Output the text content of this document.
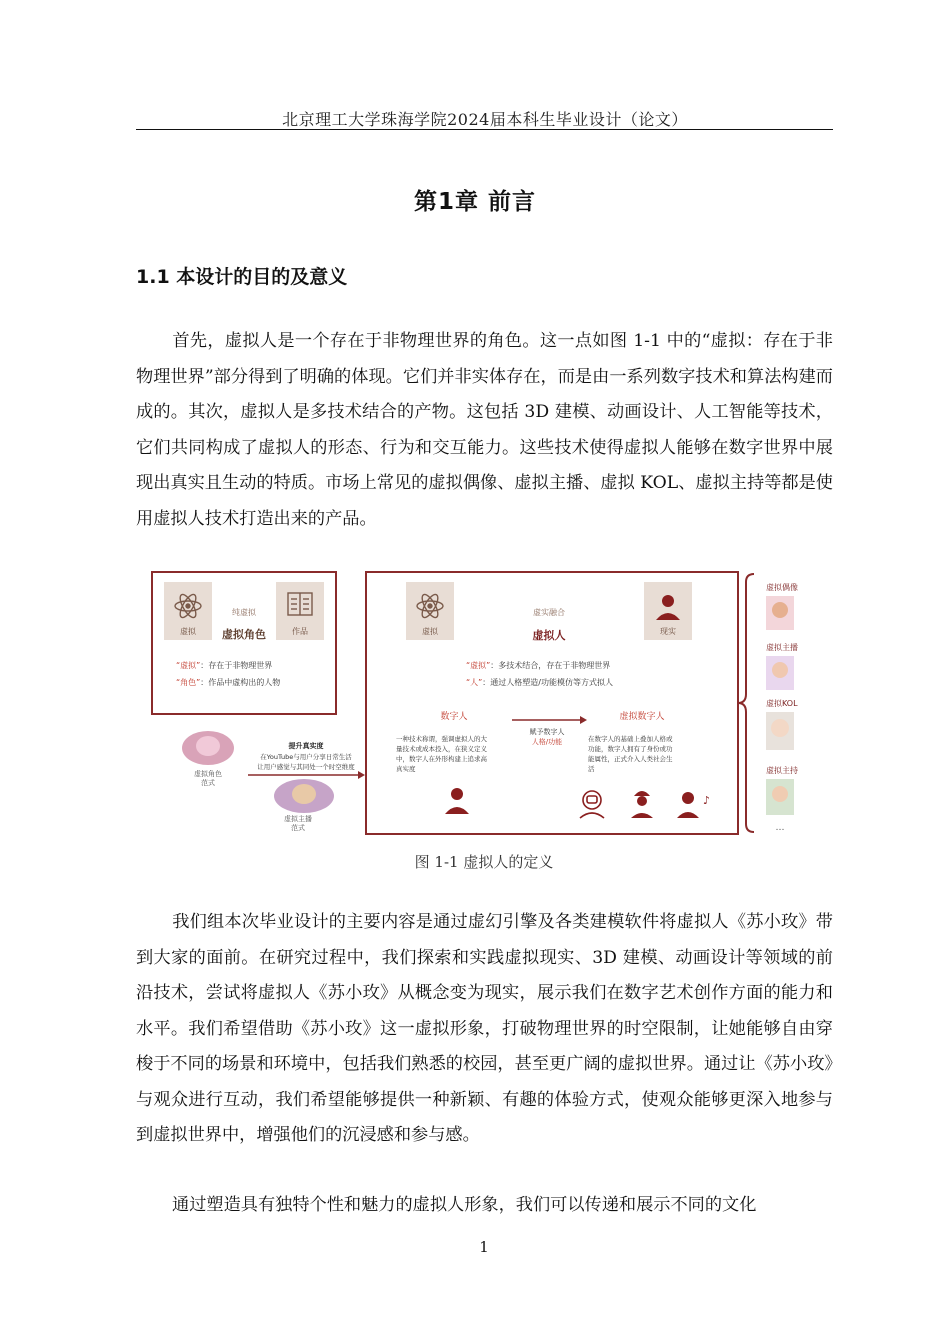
北京理工大学珠海学院2024届本科生毕业设计（论文）
第1章 前言
1.1 本设计的目的及意义
首先，虚拟人是一个存在于非物理世界的角色。这一点如图 1-1 中的“虚拟：存在于非物理世界”部分得到了明确的体现。它们并非实体存在，而是由一系列数字技术和算法构建而成的。其次，虚拟人是多技术结合的产物。这包括 3D 建模、动画设计、人工智能等技术，它们共同构成了虚拟人的形态、行为和交互能力。这些技术使得虚拟人能够在数字世界中展现出真实且生动的特质。市场上常见的虚拟偶像、虚拟主播、虚拟 KOL、虚拟主持等都是使用虚拟人技术打造出来的产品。
虚拟	作品
纯虚拟
虚拟角色
“虚拟”：存在于非物理世界
“角色”：作品中虚构出的人物
虚拟角色
范式
虚拟主播
范式
提升真实度
在YouTube与用户分享日常生活
让用户感觉与其同处一个时空维度
虚拟	现实
虚实融合
虚拟人
“虚拟”：多技术结合，存在于非物理世界
“人”：通过人格塑造/功能模仿等方式拟人
数字人
一种技术称谓，强调虚拟人的大
量技术或成本投入，在狭义定义
中，数字人在外形构建上追求高
真实度
赋予数字人
人格/功能
虚拟数字人
在数字人的基础上叠加人格或
功能，数字人拥有了身份或功
能属性，正式介入人类社会生
活
♪
虚拟偶像
虚拟主播
虚拟KOL
虚拟主持
…
图 1-1 虚拟人的定义
我们组本次毕业设计的主要内容是通过虚幻引擎及各类建模软件将虚拟人《苏小玫》带到大家的面前。在研究过程中，我们探索和实践虚拟现实、3D 建模、动画设计等领域的前沿技术，尝试将虚拟人《苏小玫》从概念变为现实，展示我们在数字艺术创作方面的能力和水平。我们希望借助《苏小玫》这一虚拟形象，打破物理世界的时空限制，让她能够自由穿梭于不同的场景和环境中，包括我们熟悉的校园，甚至更广阔的虚拟世界。通过让《苏小玫》与观众进行互动，我们希望能够提供一种新颖、有趣的体验方式，使观众能够更深入地参与到虚拟世界中，增强他们的沉浸感和参与感。
通过塑造具有独特个性和魅力的虚拟人形象，我们可以传递和展示不同的文化
1
